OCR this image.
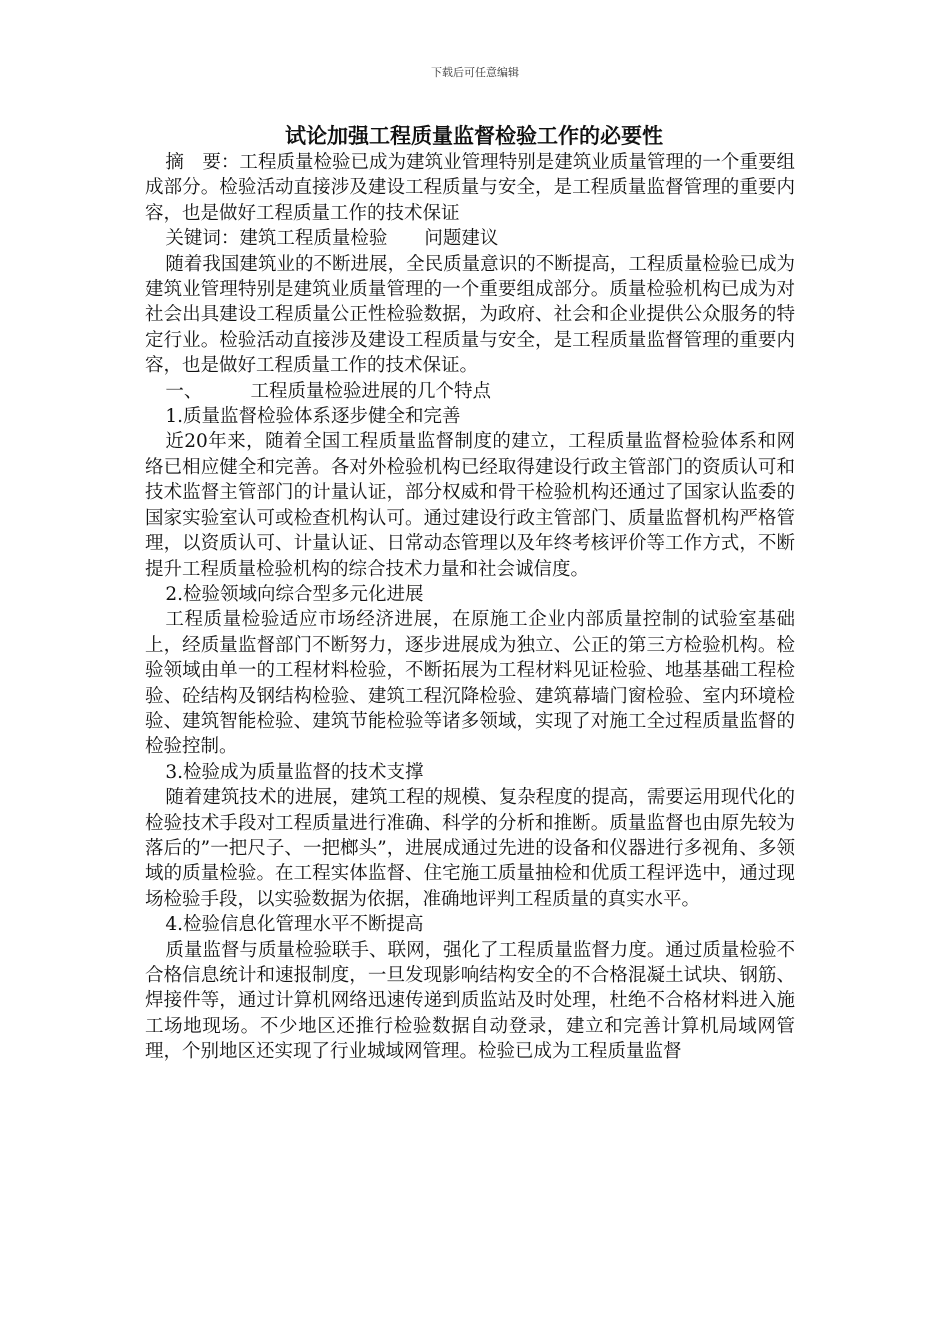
下载后可任意编辑
试论加强工程质量监督检验工作的必要性

摘　要：工程质量检验已成为建筑业管理特别是建筑业质量管理的一个重要组成部分。检验活动直接涉及建设工程质量与安全，是工程质量监督管理的重要内容，也是做好工程质量工作的技术保证

关键词：建筑工程质量检验　　问题建议

随着我国建筑业的不断进展，全民质量意识的不断提高，工程质量检验已成为建筑业管理特别是建筑业质量管理的一个重要组成部分。质量检验机构已成为对社会出具建设工程质量公正性检验数据，为政府、社会和企业提供公众服务的特定行业。检验活动直接涉及建设工程质量与安全，是工程质量监督管理的重要内容，也是做好工程质量工作的技术保证。

一、	工程质量检验进展的几个特点

1.质量监督检验体系逐步健全和完善

近20年来，随着全国工程质量监督制度的建立，工程质量监督检验体系和网络已相应健全和完善。各对外检验机构已经取得建设行政主管部门的资质认可和技术监督主管部门的计量认证，部分权威和骨干检验机构还通过了国家认监委的国家实验室认可或检查机构认可。通过建设行政主管部门、质量监督机构严格管理，以资质认可、计量认证、日常动态管理以及年终考核评价等工作方式，不断提升工程质量检验机构的综合技术力量和社会诚信度。

2.检验领域向综合型多元化进展

工程质量检验适应市场经济进展，在原施工企业内部质量控制的试验室基础上，经质量监督部门不断努力，逐步进展成为独立、公正的第三方检验机构。检验领域由单一的工程材料检验，不断拓展为工程材料见证检验、地基基础工程检验、砼结构及钢结构检验、建筑工程沉降检验、建筑幕墙门窗检验、室内环境检验、建筑智能检验、建筑节能检验等诸多领域，实现了对施工全过程质量监督的检验控制。

3.检验成为质量监督的技术支撑

随着建筑技术的进展，建筑工程的规模、复杂程度的提高，需要运用现代化的检验技术手段对工程质量进行准确、科学的分析和推断。质量监督也由原先较为落后的”一把尺子、一把榔头”，进展成通过先进的设备和仪器进行多视角、多领域的质量检验。在工程实体监督、住宅施工质量抽检和优质工程评选中，通过现场检验手段，以实验数据为依据，准确地评判工程质量的真实水平。

4.检验信息化管理水平不断提高

质量监督与质量检验联手、联网，强化了工程质量监督力度。通过质量检验不合格信息统计和速报制度，一旦发现影响结构安全的不合格混凝土试块、钢筋、焊接件等，通过计算机网络迅速传递到质监站及时处理，杜绝不合格材料进入施工场地现场。不少地区还推行检验数据自动登录，建立和完善计算机局域网管理，个别地区还实现了行业城域网管理。检验已成为工程质量监督
